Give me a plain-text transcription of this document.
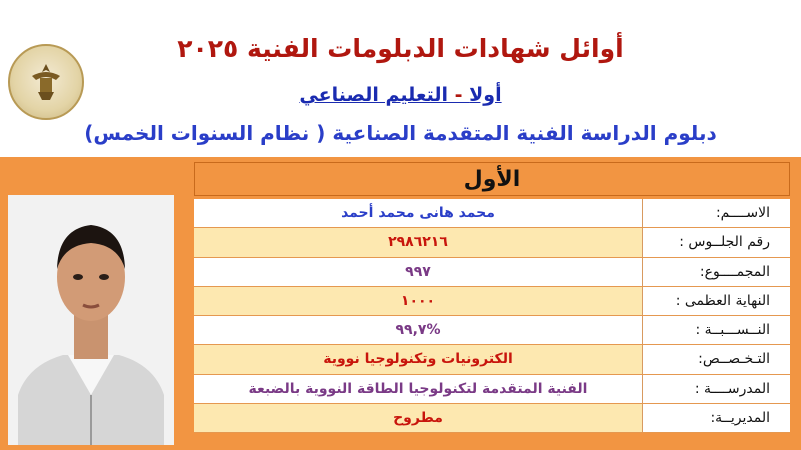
أوائل شهادات الدبلومات الفنية ٢٠٢٥
أولا - التعليم الصناعي
دبلوم الدراسة الفنية المتقدمة الصناعية ( نظام السنوات الخمس)
الأول
محمد هانى محمد أحمد	الاســــم:
٢٩٨٦٢١٦	رقم الجلــوس :
٩٩٧	المجمــــوع:
١٠٠٠	النهاية العظمى :
%٩٩,٧	النــســـبــة :
الكترونيات وتكنولوجيا نووية	التـخـصــص:
الفنية المتقدمة لتكنولوجيا الطاقة النووية بالضبعة	المدرســــة :
مطروح	المديريــة:
